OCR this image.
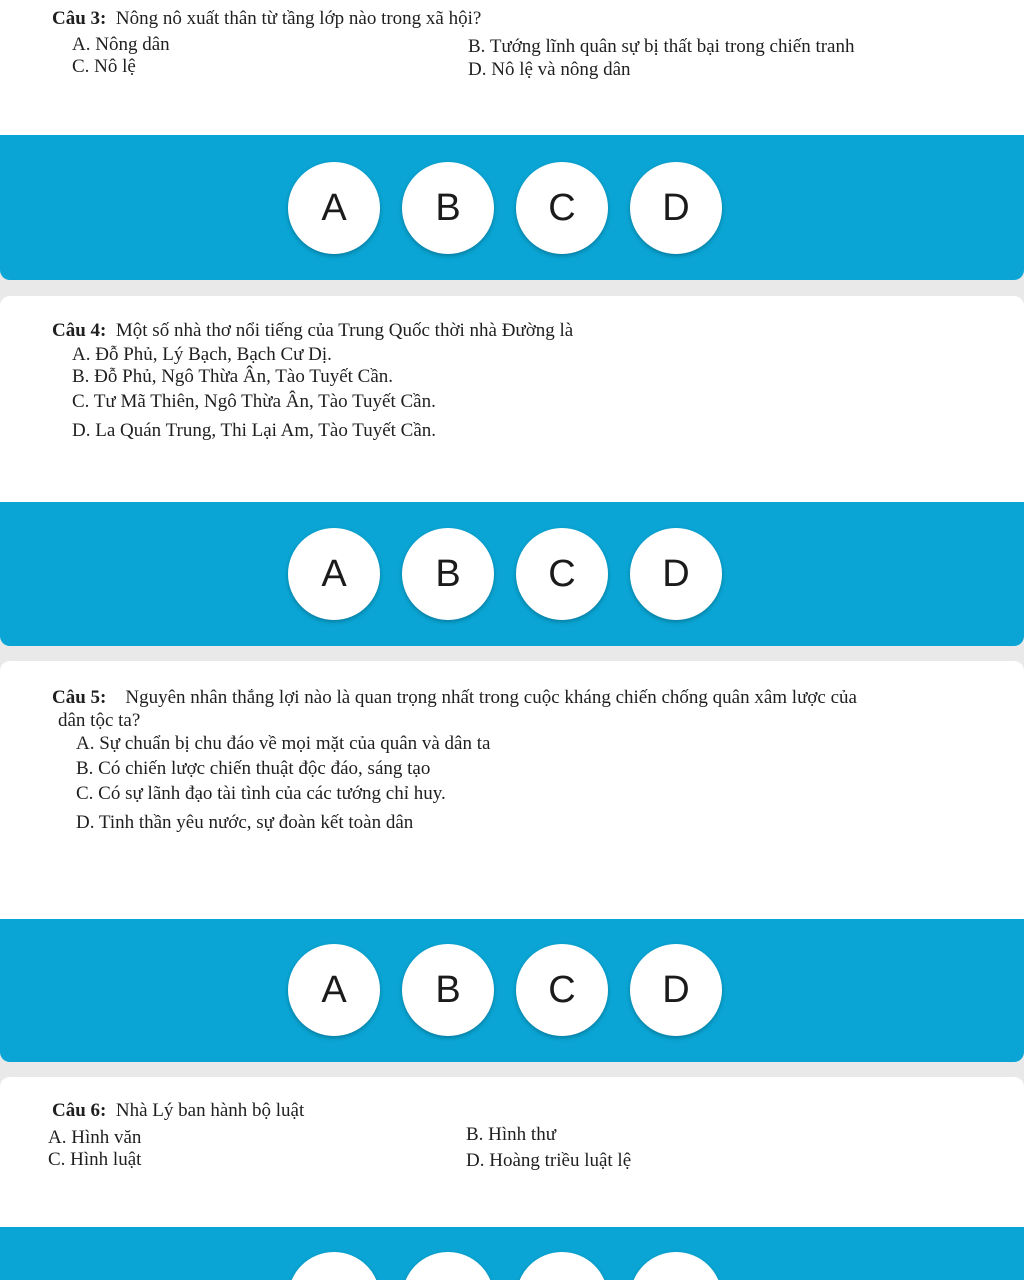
Câu 3: Nông nô xuất thân từ tầng lớp nào trong xã hội?
A. Nông dân	B. Tướng lĩnh quân sự bị thất bại trong chiến tranh
C. Nô lệ	D. Nô lệ và nông dân
A	B	C	D
Câu 4: Một số nhà thơ nổi tiếng của Trung Quốc thời nhà Đường là
A. Đỗ Phủ, Lý Bạch, Bạch Cư Dị.
B. Đỗ Phủ, Ngô Thừa Ân, Tào Tuyết Cần.
C. Tư Mã Thiên, Ngô Thừa Ân, Tào Tuyết Cần.
D. La Quán Trung, Thi Lại Am, Tào Tuyết Cần.
A	B	C	D
Câu 5: Nguyên nhân thắng lợi nào là quan trọng nhất trong cuộc kháng chiến chống quân xâm lược của
dân tộc ta?
A. Sự chuẩn bị chu đáo về mọi mặt của quân và dân ta
B. Có chiến lược chiến thuật độc đáo, sáng tạo
C. Có sự lãnh đạo tài tình của các tướng chỉ huy.
D. Tinh thần yêu nước, sự đoàn kết toàn dân
A	B	C	D
Câu 6: Nhà Lý ban hành bộ luật
A. Hình văn	B. Hình thư
C. Hình luật	D. Hoàng triều luật lệ
